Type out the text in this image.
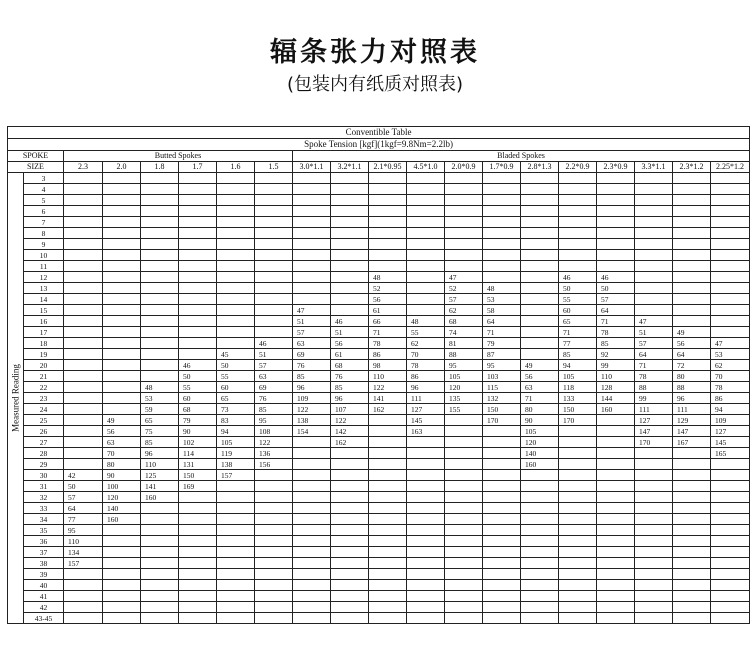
辐条张力对照表
(包装内有纸质对照表)
Conventible Table																			
Spoke Tension [kgf](1kgf=9.8Nm=2.2lb)																			
SPOKE		Butted Spokes						Bladed Spokes											
SIZE		2.3	2.0	1.8	1.7	1.6	1.5	3.0*1.1	3.2*1.1	2.1*0.95	4.5*1.0	2.0*0.9	1.7*0.9	2.8*1.3	2.2*0.9	2.3*0.9	3.3*1.1	2.3*1.2	2.25*1.2

Measured Reading	3																		
	4																		
	5																		
	6																		
	7																		
	8																		
	9																		
	10																		
	11																		
	12									48		47			46	46			
	13									52		52	48		50	50			
	14									56		57	53		55	57			
	15							47		61		62	58		60	64			
	16							51	46	66	48	68	64		65	71	47		
	17							57	51	71	55	74	71		71	78	51	49	
	18						46	63	56	78	62	81	79		77	85	57	56	47
	19					45	51	69	61	86	70	88	87		85	92	64	64	53
	20				46	50	57	76	68	98	78	95	95	49	94	99	71	72	62
	21				50	55	63	85	76	110	86	105	103	56	105	110	78	80	70
	22			48	55	60	69	96	85	122	96	120	115	63	118	128	88	88	78
	23			53	60	65	76	109	96	141	111	135	132	71	133	144	99	96	86
	24			59	68	73	85	122	107	162	127	155	150	80	150	160	111	111	94
	25		49	65	79	83	95	138	122		145		170	90	170		127	129	109
	26		56	75	90	94	108	154	142		163			105			147	147	127
	27		63	85	102	105	122		162					120			170	167	145
	28		70	96	114	119	136							140					165
	29		80	110	131	138	156							160					
	30	42	90	125	150	157													
	31	50	100	141	169														
	32	57	120	160															
	33	64	140																
	34	77	160																
	35	95																	
	36	110																	
	37	134																	
	38	157																	
	39																		
	40																		
	41																		
	42																		
	43-45																		
